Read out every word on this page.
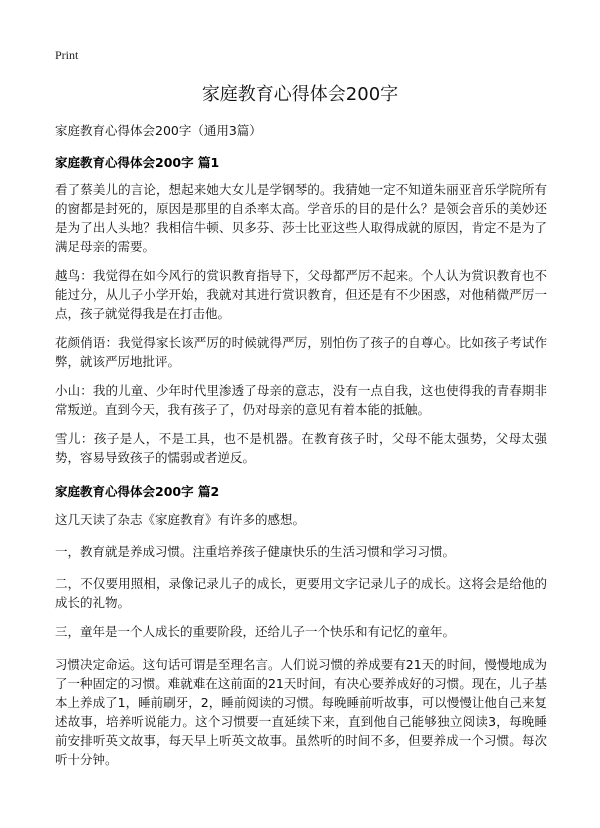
Print
家庭教育心得体会200字
家庭教育心得体会200字（通用3篇）
家庭教育心得体会200字 篇1

看了蔡美儿的言论，想起来她大女儿是学钢琴的。我猜她一定不知道朱丽亚音乐学院所有的窗都是封死的，原因是那里的自杀率太高。学音乐的目的是什么？是领会音乐的美妙还是为了出人头地？我相信牛顿、贝多芬、莎士比亚这些人取得成就的原因，肯定不是为了满足母亲的需要。

越鸟：我觉得在如今风行的赏识教育指导下，父母都严厉不起来。个人认为赏识教育也不能过分，从儿子小学开始，我就对其进行赏识教育，但还是有不少困惑，对他稍微严厉一点，孩子就觉得我是在打击他。

花颜俏语：我觉得家长该严厉的时候就得严厉，别怕伤了孩子的自尊心。比如孩子考试作弊，就该严厉地批评。

小山：我的儿童、少年时代里渗透了母亲的意志，没有一点自我，这也使得我的青春期非常叛逆。直到今天，我有孩子了，仍对母亲的意见有着本能的抵触。

雪儿：孩子是人，不是工具，也不是机器。在教育孩子时，父母不能太强势，父母太强势，容易导致孩子的懦弱或者逆反。

家庭教育心得体会200字 篇2

这几天读了杂志《家庭教育》有许多的感想。

一，教育就是养成习惯。注重培养孩子健康快乐的生活习惯和学习习惯。

二，不仅要用照相，录像记录儿子的成长，更要用文字记录儿子的成长。这将会是给他的成长的礼物。

三，童年是一个人成长的重要阶段，还给儿子一个快乐和有记忆的童年。

习惯决定命运。这句话可谓是至理名言。人们说习惯的养成要有21天的时间，慢慢地成为了一种固定的习惯。难就难在这前面的21天时间，有决心要养成好的习惯。现在，儿子基本上养成了1，睡前刷牙，2，睡前阅读的习惯。每晚睡前听故事，可以慢慢让他自己来复述故事，培养听说能力。这个习惯要一直延续下来，直到他自己能够独立阅读3，每晚睡前安排听英文故事，每天早上听英文故事。虽然听的时间不多，但要养成一个习惯。每次听十分钟。
